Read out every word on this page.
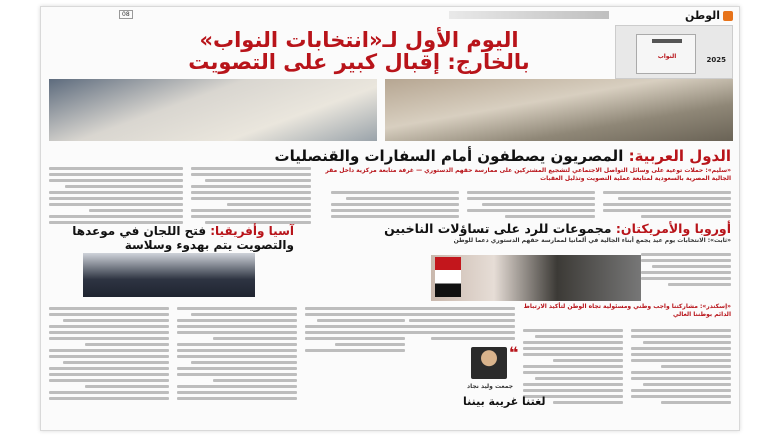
الوطن
08
النواب	2025
اليوم الأول لـ«انتخابات النواب»
بالخارج: إقبال كبير على التصويت
الدول العربية: المصريون يصطفون أمام السفارات والقنصليات
«سليم»: حملات توعية على وسائل التواصل الاجتماعي لتشجيع المشتركين على ممارسة حقهم الدستوري — غرفة متابعة مركزية داخل مقر الجالية المصرية بالسعودية لمتابعة عملية التصويت وتذليل العقبات
أوروبا والأمريكتان: مجموعات للرد على تساؤلات الناخبين
«ثابت»: الانتخابات يوم عيد يجمع أبناء الجالية في ألمانيا لممارسة حقهم الدستوري دعما للوطن
آسيا وأفريقيا: فتح اللجان في موعدها
والتصويت يتم بهدوء وسلاسة
«إسكندر»: مشاركتنا واجب وطني ومسئولية تجاه الوطن لتأكيد الارتباط الدائم بوطننا الغالي
❝
جمعت وليد نجاد
لغتنا غريبة بيننا
